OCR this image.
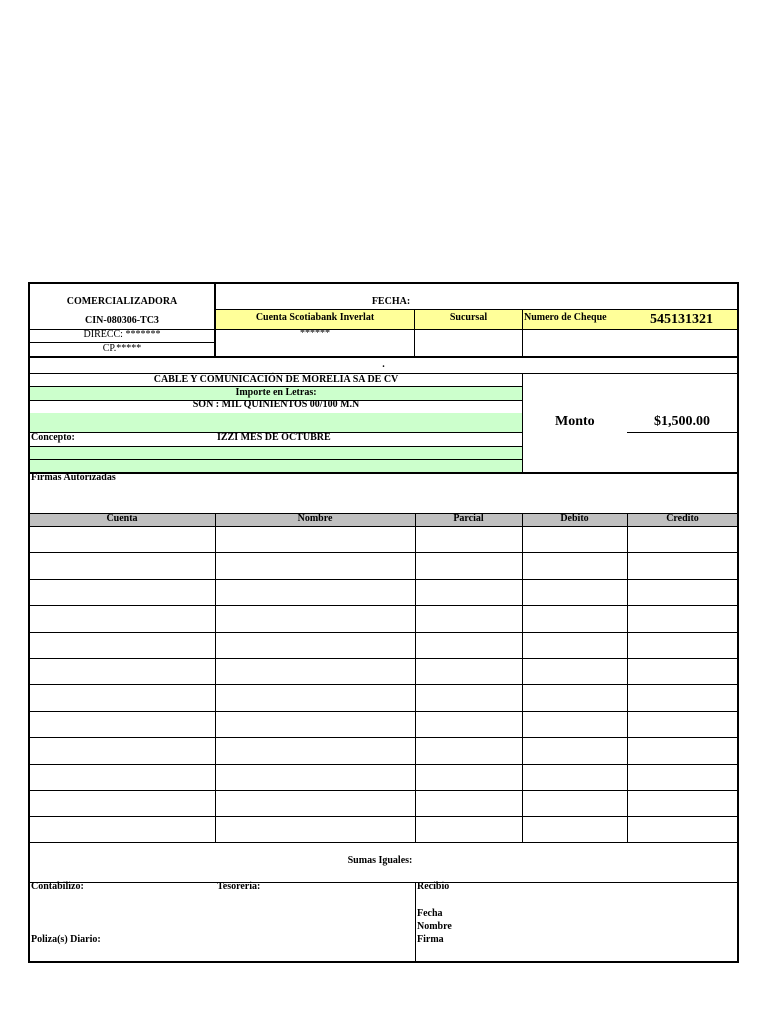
COMERCIALIZADORA
CIN-080306-TC3
DIRECC: *******
CP.*****
FECHA:
Cuenta Scotiabank Inverlat
******
Sucursal	Numero de Cheque	545131321
.
CABLE Y COMUNICACIÓN DE MORELIA SA DE CV
Importe en Letras:
SON : MIL QUINIENTOS 00/100 M.N
Concepto:	IZZI MES DE OCTUBRE
Monto	$1,500.00
Firmas Autorizadas
Cuenta	Nombre	Parcial	Debito	Credito
Sumas Iguales:
Contabilizo:	Tesoreria:
Poliza(s) Diario:
Recibio
Fecha
Nombre
Firma
